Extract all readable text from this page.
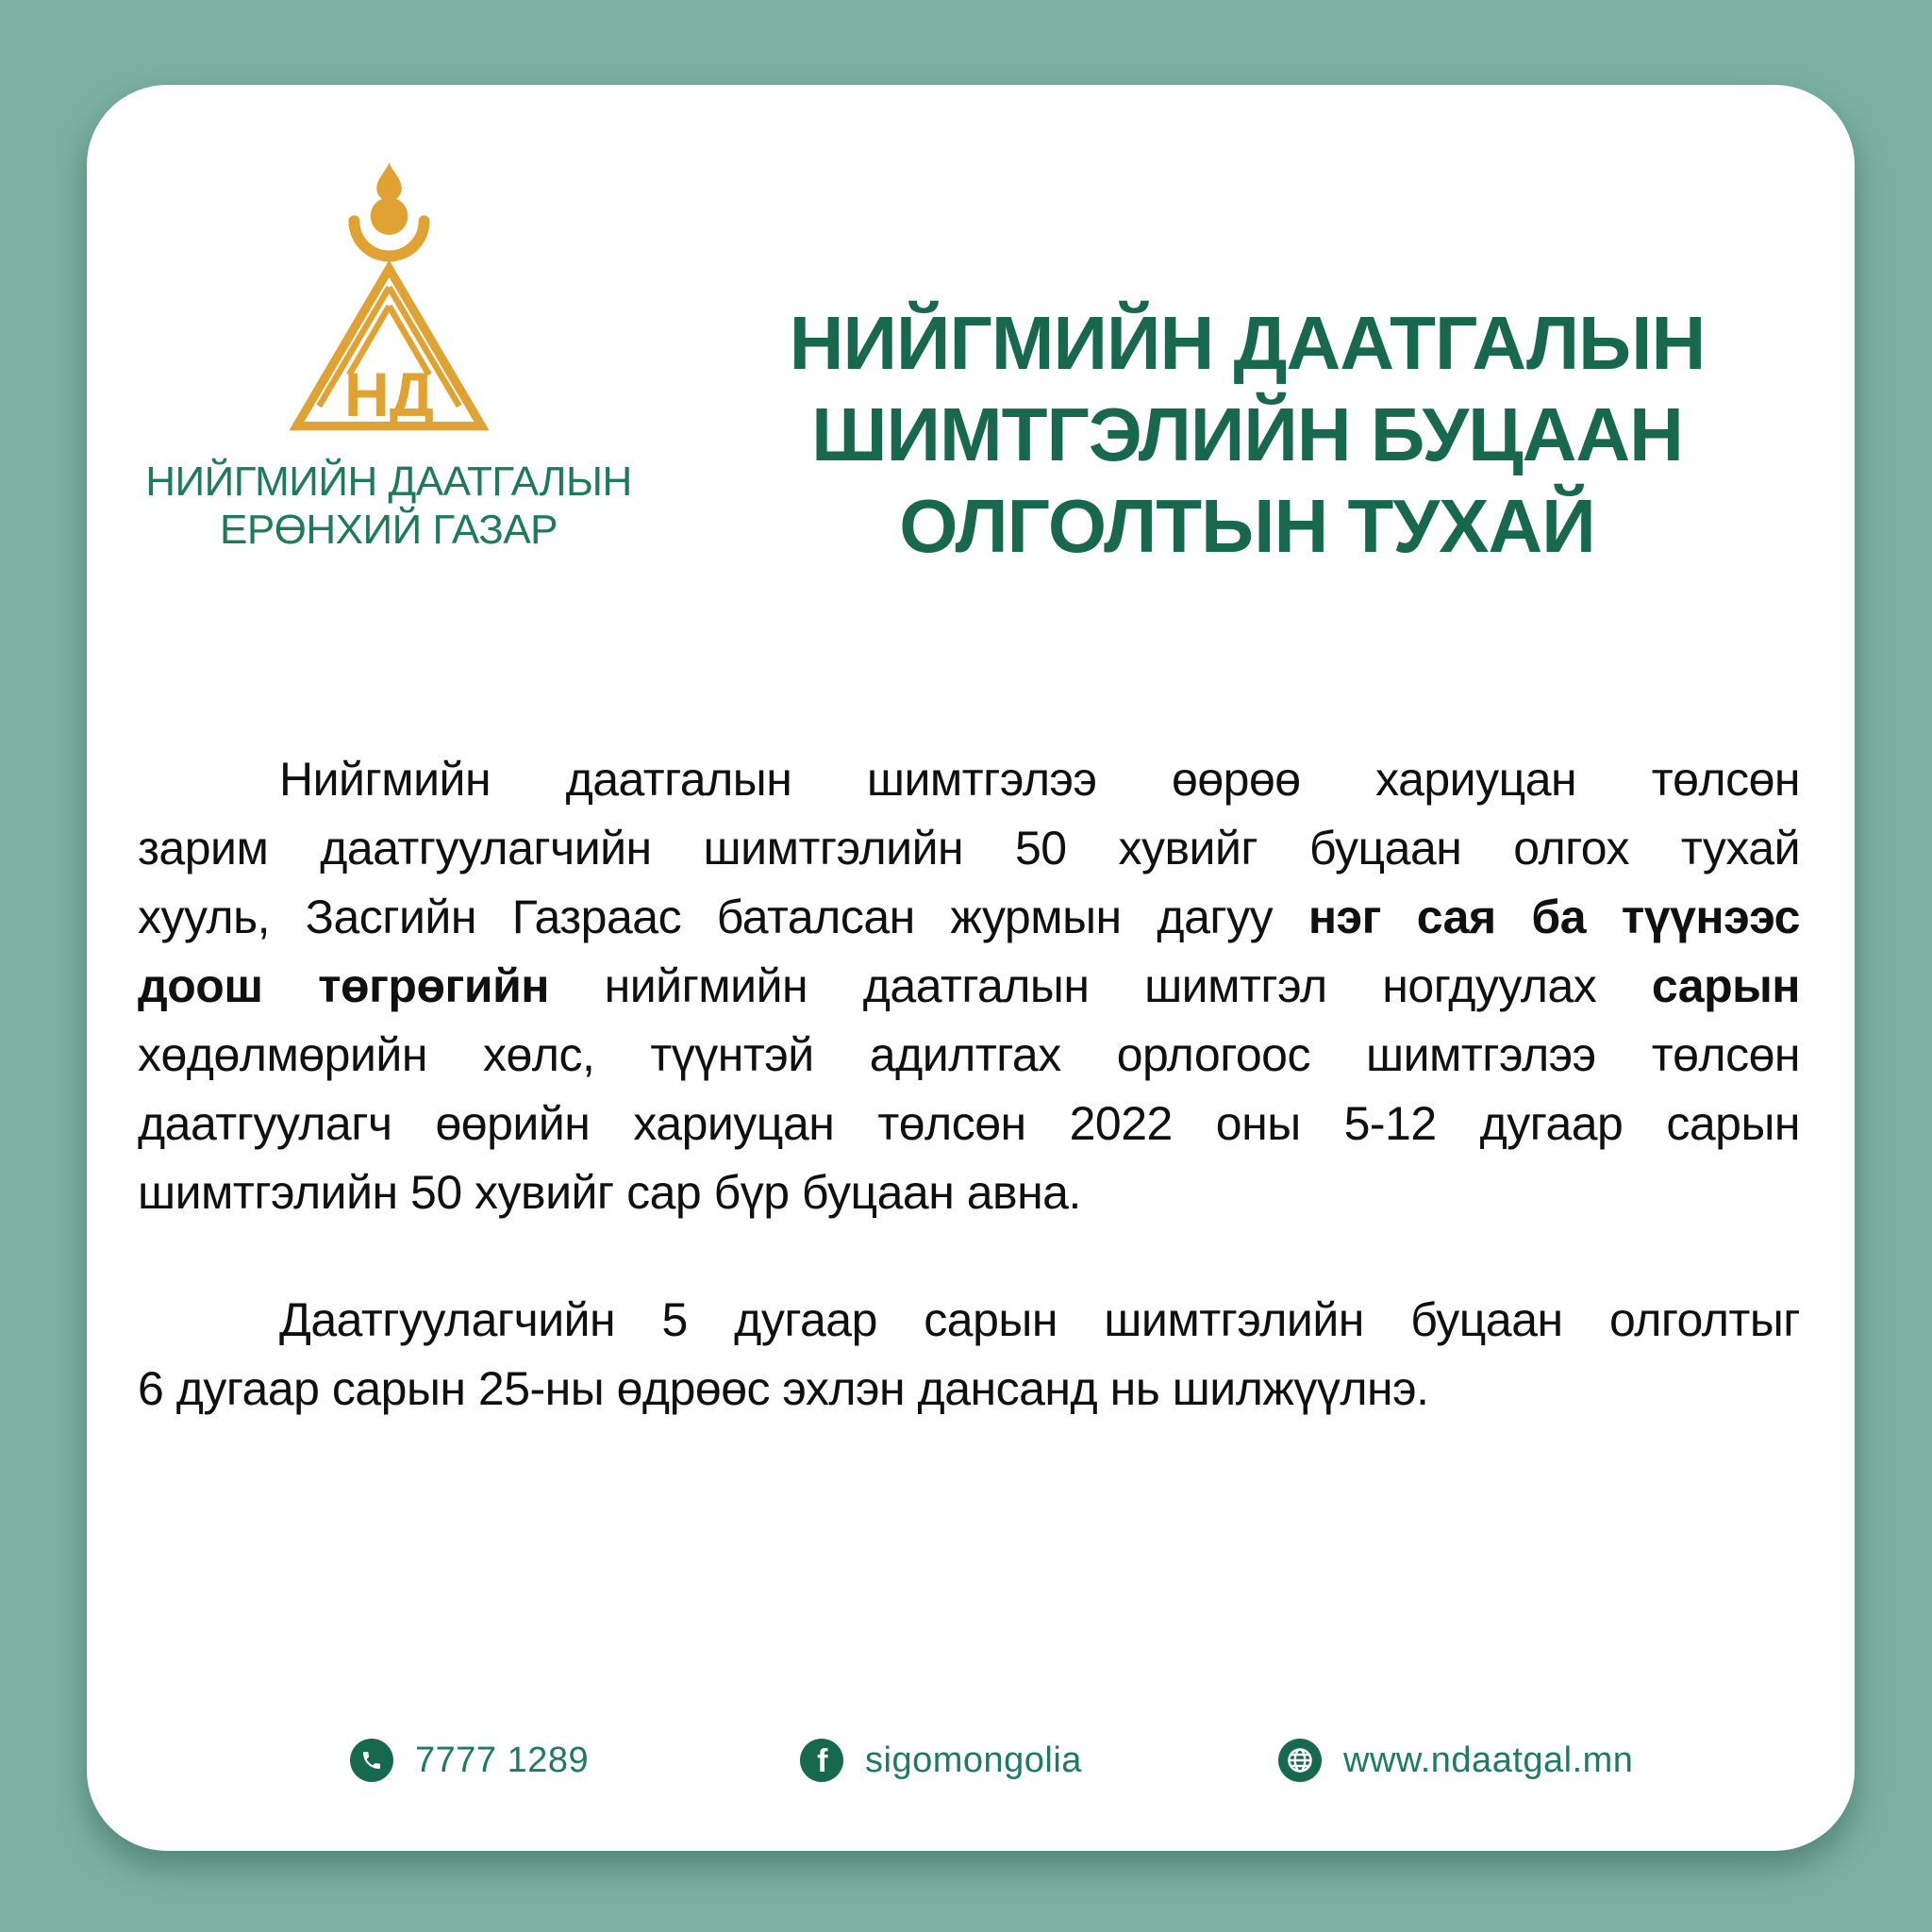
НД
НИЙГМИЙН ДААТГАЛЫН
ЕРӨНХИЙ ГАЗАР
НИЙГМИЙН ДААТГАЛЫН
ШИМТГЭЛИЙН БУЦААН
ОЛГОЛТЫН ТУХАЙ
Нийгмийн даатгалын шимтгэлээ өөрөө хариуцан төлсөн
зарим даатгуулагчийн шимтгэлийн 50 хувийг буцаан олгох тухай
хууль, Засгийн Газраас баталсан журмын дагуу нэг сая ба түүнээс
доош төгрөгийн нийгмийн даатгалын шимтгэл ногдуулах сарын
хөдөлмөрийн хөлс, түүнтэй адилтгах орлогоос шимтгэлээ төлсөн
даатгуулагч өөрийн хариуцан төлсөн 2022 оны 5-12 дугаар сарын
шимтгэлийн 50 хувийг сар бүр буцаан авна.
Даатгуулагчийн 5 дугаар сарын шимтгэлийн буцаан олголтыг
6 дугаар сарын 25-ны өдрөөс эхлэн дансанд нь шилжүүлнэ.
7777 1289	f sigomongolia	www.ndaatgal.mn
